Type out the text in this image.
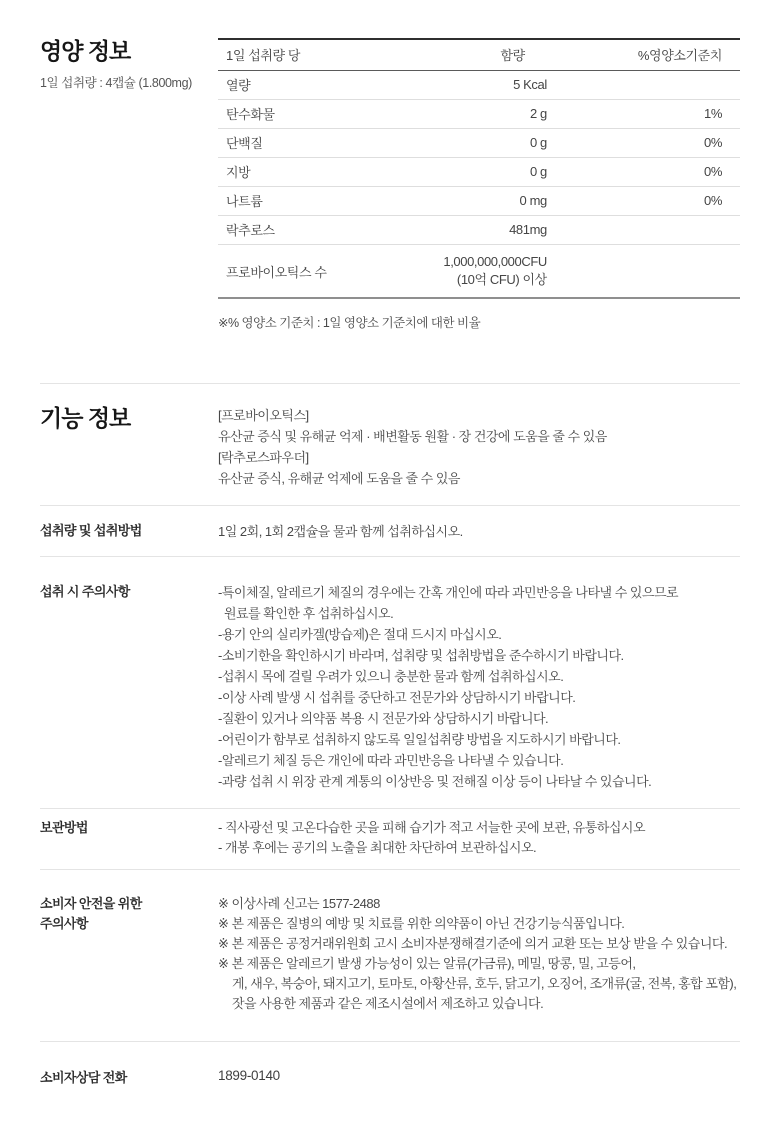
영양 정보

1일 섭취량 : 4캡슐 (1.800mg)

1일 섭취량 당	함량	%영양소기준치
열량	5 Kcal	
탄수화물	2 g	1%
단백질	0 g	0%
지방	0 g	0%
나트륨	0 mg	0%
락추로스	481mg	
프로바이오틱스 수	1,000,000,000CFU
(10억 CFU) 이상	

※% 영양소 기준치 : 1일 영양소 기준치에 대한 비율

기능 정보	[프로바이오틱스]

유산균 증식 및 유해균 억제 · 배변활동 원활 · 장 건강에 도움을 줄 수 있음

[락추로스파우더]

유산균 증식, 유해균 억제에 도움을 줄 수 있음

섭취량 및 섭취방법	1일 2회, 1회 2캡슐을 물과 함께 섭취하십시오.

섭취 시 주의사항	-특이체질, 알레르기 체질의 경우에는 간혹 개인에 따라 과민반응을 나타낼 수 있으므로

원료를 확인한 후 섭취하십시오.

-용기 안의 실리카겔(방습제)은 절대 드시지 마십시오.

-소비기한을 확인하시기 바라며, 섭취량 및 섭취방법을 준수하시기 바랍니다.

-섭취시 목에 걸릴 우려가 있으니 충분한 물과 함께 섭취하십시오.

-이상 사례 발생 시 섭취를 중단하고 전문가와 상담하시기 바랍니다.

-질환이 있거나 의약품 복용 시 전문가와 상담하시기 바랍니다.

-어린이가 함부로 섭취하지 않도록 일일섭취량 방법을 지도하시기 바랍니다.

-알레르기 체질 등은 개인에 따라 과민반응을 나타낼 수 있습니다.

-과량 섭취 시 위장 관계 계통의 이상반응 및 전해질 이상 등이 나타날 수 있습니다.

보관방법	- 직사광선 및 고온다습한 곳을 피해 습기가 적고 서늘한 곳에 보관, 유통하십시오

- 개봉 후에는 공기의 노출을 최대한 차단하여 보관하십시오.

소비자 안전을 위한

주의사항

※ 이상사례 신고는 1577-2488

※ 본 제품은 질병의 예방 및 치료를 위한 의약품이 아닌 건강기능식품입니다.

※ 본 제품은 공정거래위원회 고시 소비자분쟁해결기준에 의거 교환 또는 보상 받을 수 있습니다.

※ 본 제품은 알레르기 발생 가능성이 있는 알류(가금류), 메밀, 땅콩, 밀, 고등어,

게, 새우, 복숭아, 돼지고기, 토마토, 아황산류, 호두, 닭고기, 오징어, 조개류(굴, 전복, 홍합 포함),

잣을 사용한 제품과 같은 제조시설에서 제조하고 있습니다.

소비자상담 전화	1899-0140
